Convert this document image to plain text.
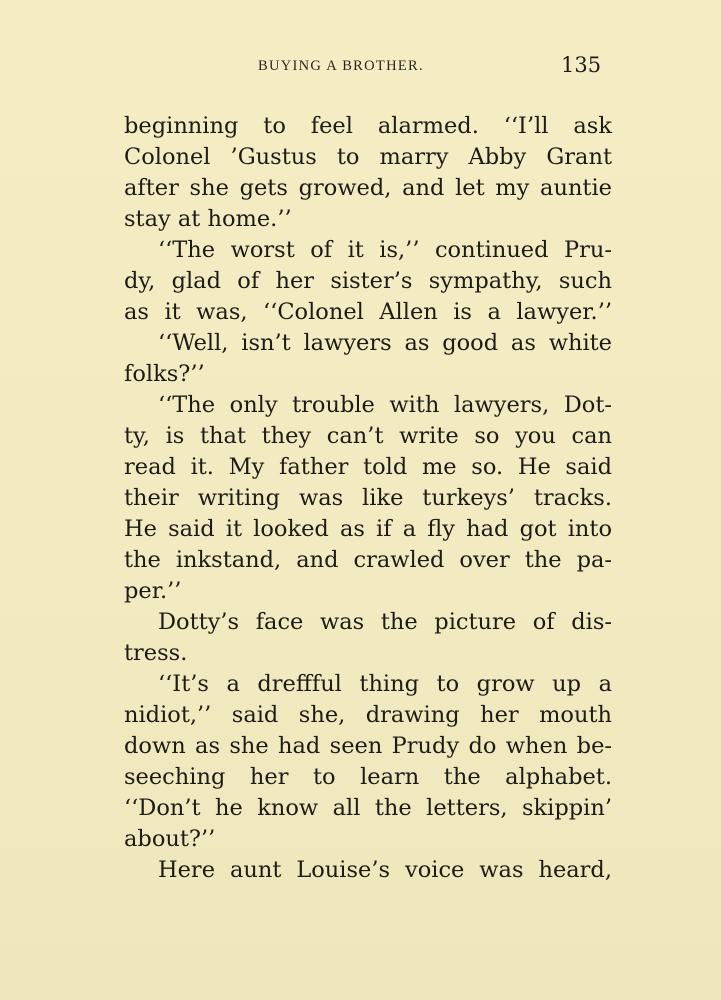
BUYING A BROTHER.	135
beginning to feel alarmed. ‘‘I’ll ask
Colonel ’Gustus to marry Abby Grant
after she gets growed, and let my auntie
stay at home.’’
‘‘The worst of it is,’’ continued Pru-
dy, glad of her sister’s sympathy, such
as it was, ‘‘Colonel Allen is a lawyer.’’
‘‘Well, isn’t lawyers as good as white
folks?’’
‘‘The only trouble with lawyers, Dot-
ty, is that they can’t write so you can
read it. My father told me so. He said
their writing was like turkeys’ tracks.
He said it looked as if a fly had got into
the inkstand, and crawled over the pa-
per.’’
Dotty’s face was the picture of dis-
tress.
‘‘It’s a dreffful thing to grow up a
nidiot,’’ said she, drawing her mouth
down as she had seen Prudy do when be-
seeching her to learn the alphabet.
‘‘Don’t he know all the letters, skippin’
about?’’
Here aunt Louise’s voice was heard,
